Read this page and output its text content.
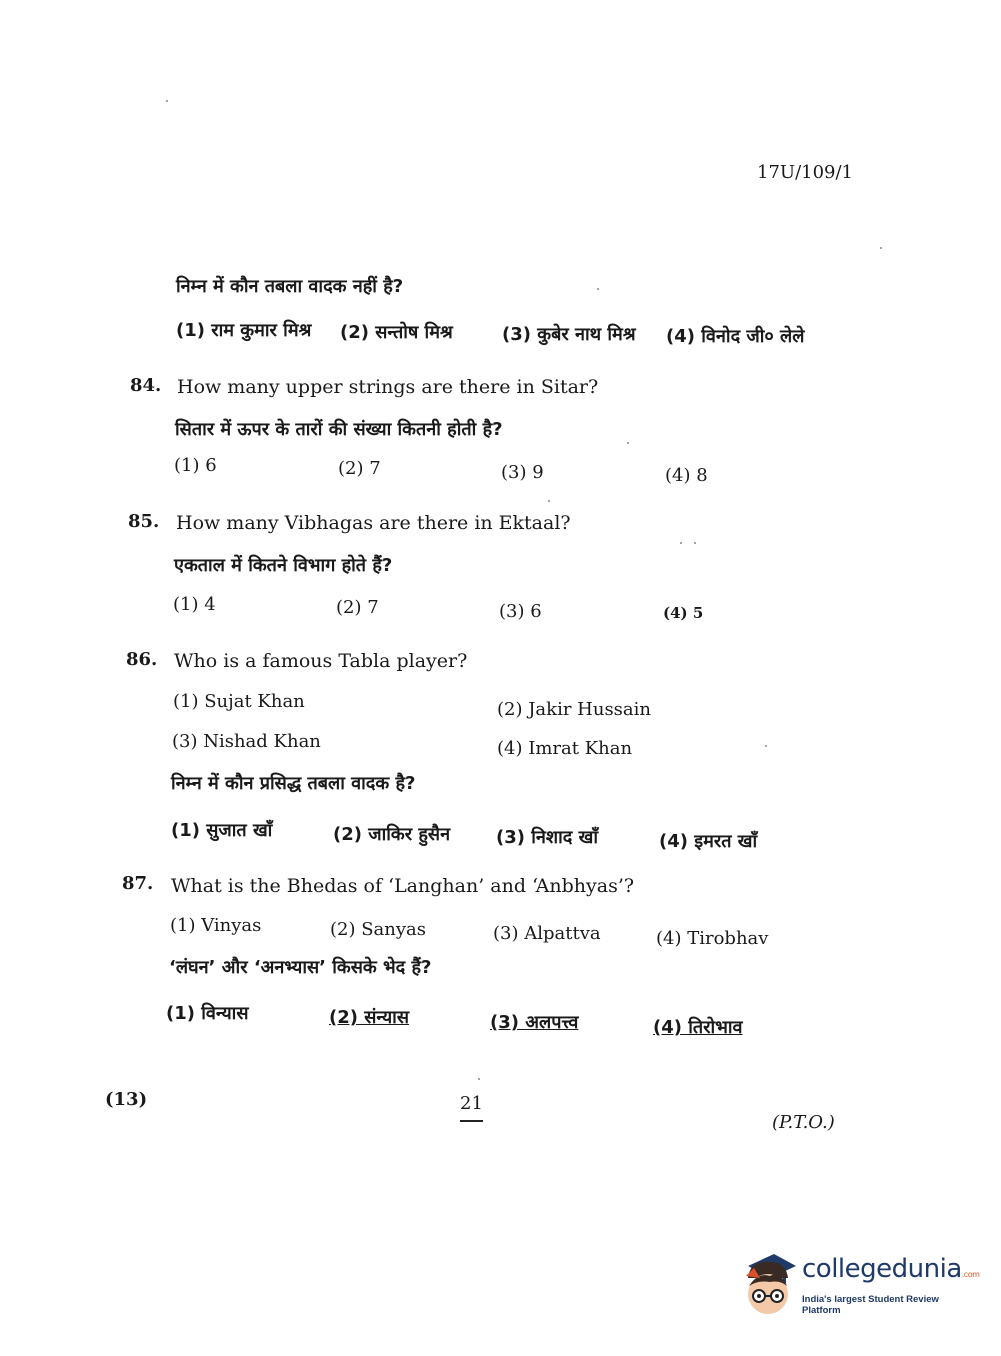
17U/109/1
निम्न में कौन तबला वादक नहीं है?
(1) राम कुमार मिश्र (2) सन्तोष मिश्र	(3) कुबेर नाथ मिश्र (4) विनोद जी० लेले
84. How many upper strings are there in Sitar?
सितार में ऊपर के तारों की संख्या कितनी होती है?
(1) 6	(2) 7	(3) 9	(4) 8
85. How many Vibhagas are there in Ektaal?
एकताल में कितने विभाग होते हैं?
(1) 4	(2) 7	(3) 6	(4) 5
86. Who is a famous Tabla player?
(1) Sujat Khan	(2) Jakir Hussain
(3) Nishad Khan	(4) Imrat Khan
निम्न में कौन प्रसिद्ध तबला वादक है?
(1) सुजात खाँ	(2) जाकिर हुसैन	(3) निशाद खाँ	(4) इमरत खाँ
87. What is the Bhedas of ‘Langhan’ and ‘Anbhyas’?
(1) Vinyas	(2) Sanyas	(3) Alpattva	(4) Tirobhav
‘लंघन’ और ‘अनभ्यास’ किसके भेद हैं?
(1) विन्यास	(2) संन्यास	(3) अलपत्त्व	(4) तिरोभाव
(13)	21
(P.T.O.)
collegedunia.com
India's largest Student Review Platform
